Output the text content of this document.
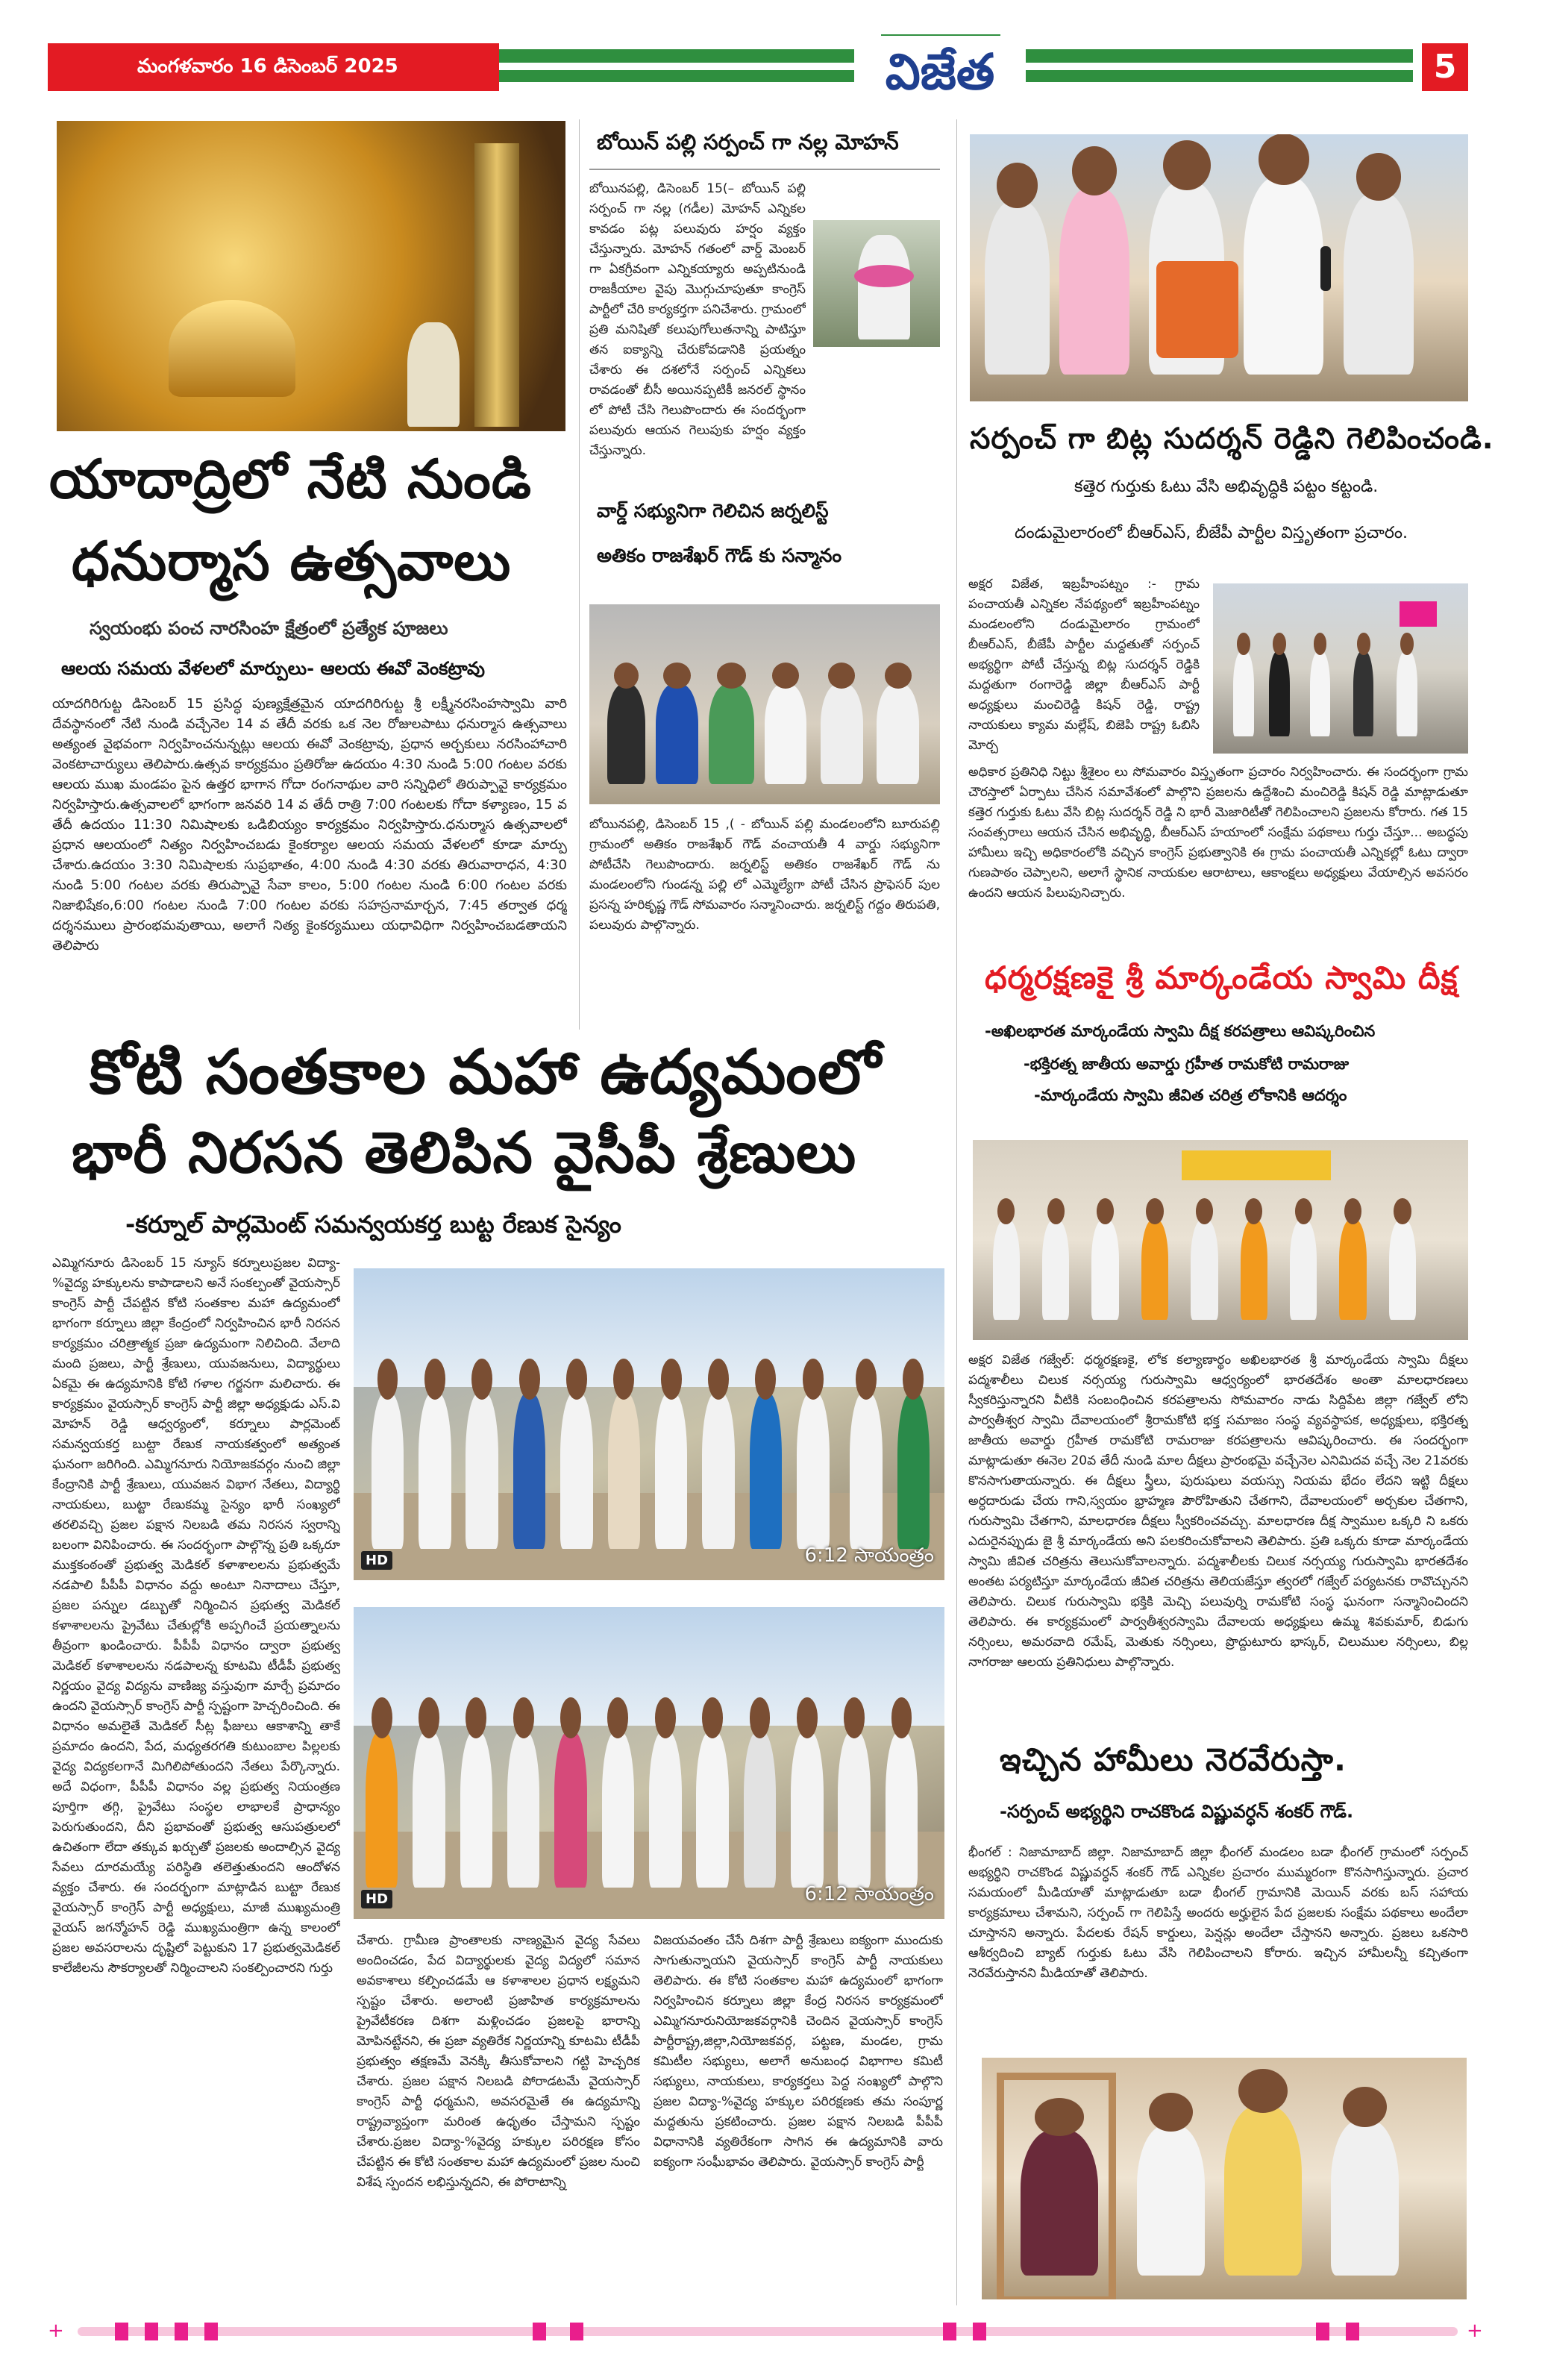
మంగళవారం 16 డిసెంబర్ 2025	విజేత	5
యాదాద్రిలో నేటి నుండి
ధనుర్మాస ఉత్సవాలు
స్వయంభు పంచ నారసింహ క్షేత్రంలో ప్రత్యేక పూజలు
ఆలయ సమయ వేళలలో మార్పులు- ఆలయ ఈవో వెంకట్రావు
యాదగిరిగుట్ట డిసెంబర్ 15 ప్రసిద్ధ పుణ్యక్షేత్రమైన యాదగిరిగుట్ట శ్రీ లక్ష్మీనరసింహస్వామి వారి దేవస్థానంలో నేటి నుండి వచ్చేనెల 14 వ తేదీ వరకు ఒక నెల రోజులపాటు ధనుర్మాస ఉత్సవాలు అత్యంత వైభవంగా నిర్వహించనున్నట్లు ఆలయ ఈవో వెంకట్రావు, ప్రధాన అర్చకులు నరసింహాచారి వెంకటాచార్యులు తెలిపారు.ఉత్సవ కార్యక్రమం ప్రతిరోజు ఉదయం 4:30 నుండి 5:00 గంటల వరకు ఆలయ ముఖ మండపం పైన ఉత్తర భాగాన గోదా రంగనాథుల వారి సన్నిధిలో తిరుప్పావై కార్యక్రమం నిర్వహిస్తారు.ఉత్సవాలలో భాగంగా జనవరి 14 వ తేదీ రాత్రి 7:00 గంటలకు గోదా కళ్యాణం, 15 వ తేదీ ఉదయం 11:30 నిమిషాలకు ఒడిబియ్యం కార్యక్రమం నిర్వహిస్తారు.ధనుర్మాస ఉత్సవాలలో ప్రధాన ఆలయంలో నిత్యం నిర్వహించబడు కైంకర్యాల ఆలయ సమయ వేళలలో కూడా మార్పు చేశారు.ఉదయం 3:30 నిమిషాలకు సుప్రభాతం, 4:00 నుండి 4:30 వరకు తిరువారాధన, 4:30 నుండి 5:00 గంటల వరకు తిరుప్పావై సేవా కాలం, 5:00 గంటల నుండి 6:00 గంటల వరకు నిజాభిషేకం,6:00 గంటల నుండి 7:00 గంటల వరకు సహస్రనామార్చన, 7:45 తర్వాత ధర్మ దర్శనములు ప్రారంభమవుతాయి, అలాగే నిత్య కైంకర్యములు యధావిధిగా నిర్వహించబడతాయని తెలిపారు
బోయిన్ పల్లి సర్పంచ్ గా నల్ల మోహన్
బోయినపల్లి, డిసెంబర్ 15(– బోయిన్ పల్లి సర్పంచ్ గా నల్ల (గడీల) మోహన్ ఎన్నికల కావడం పట్ల పలువురు హర్షం వ్యక్తం చేస్తున్నారు. మోహన్ గతంలో వార్డ్ మెంబర్ గా ఏకగ్రీవంగా ఎన్నికయ్యారు అప్పటినుండి రాజకీయాల వైపు మొగ్గుచూపుతూ కాంగ్రెస్ పార్టీలో చేరి కార్యకర్తగా పనిచేశారు. గ్రామంలో ప్రతి మనిషితో కలుపుగోలుతనాన్ని పాటిస్తూ తన ఐక్యాన్ని చేరుకోవడానికి ప్రయత్నం చేశారు ఈ దశలోనే సర్పంచ్ ఎన్నికలు రావడంతో బీసీ అయినప్పటికీ జనరల్ స్థానం లో పోటీ చేసి గెలుపొందారు ఈ సందర్భంగా పలువురు ఆయన గెలుపుకు హర్షం వ్యక్తం చేస్తున్నారు.
వార్డ్ సభ్యునిగా గెలిచిన జర్నలిస్ట్
అతికం రాజశేఖర్ గౌడ్ కు సన్మానం
బోయినపల్లి, డిసెంబర్ 15 ,( - బోయిన్ పల్లి మండలంలోని బూరుపల్లి గ్రామంలో అతికం రాజశేఖర్ గౌడ్ వంచాయతీ 4 వార్డు సభ్యునిగా పోటీచేసి గెలుపొందారు. జర్నలిస్ట్ అతికం రాజశేఖర్ గౌడ్ ను మండలంలోని గుండన్న పల్లి లో ఎమ్మెల్యేగా పోటీ చేసిన ప్రొఫెసర్ పుల ప్రసన్న హరికృష్ణ గౌడ్ సోమవారం సన్మానించారు. జర్నలిస్ట్ గద్దం తిరుపతి, పలువురు పాల్గొన్నారు.
సర్పంచ్ గా బిట్ల సుదర్శన్ రెడ్డిని గెలిపించండి.
కత్తెర గుర్తుకు ఓటు వేసి అభివృద్ధికి పట్టం కట్టండి.
దండుమైలారంలో బీఆర్ఎస్, బీజేపీ పార్టీల విస్తృతంగా ప్రచారం.
అక్షర విజేత, ఇబ్రహీంపట్నం :- గ్రామ పంచాయతీ ఎన్నికల నేపథ్యంలో ఇబ్రహీంపట్నం మండలంలోని దండుమైలారం గ్రామంలో బీఆర్ఎస్, బీజేపీ పార్టీల మద్దతుతో సర్పంచ్ అభ్యర్థిగా పోటీ చేస్తున్న బిట్ల సుదర్శన్ రెడ్డికి మద్దతుగా రంగారెడ్డి జిల్లా బీఆర్ఎస్ పార్టీ అధ్యక్షులు మంచిరెడ్డి కిషన్ రెడ్డి, రాష్ట్ర నాయకులు క్యామ మల్లేష్, బిజెపి రాష్ట్ర ఓబిసి మోర్చ
అధికార ప్రతినిధి నిట్టు శ్రీశైలం లు సోమవారం విస్తృతంగా ప్రచారం నిర్వహించారు. ఈ సందర్భంగా గ్రామ చౌరస్తాలో ఏర్పాటు చేసిన సమావేశంలో పాల్గొని ప్రజలను ఉద్దేశించి మంచిరెడ్డి కిషన్ రెడ్డి మాట్లాడుతూ కత్తెర గుర్తుకు ఓటు వేసి బిట్ల సుదర్శన్ రెడ్డి ని భారీ మెజారిటీతో గెలిపించాలని ప్రజలను కోరారు. గత 15 సంవత్సరాలు ఆయన చేసిన అభివృద్ధి, బీఆర్ఎస్ హయాంలో సంక్షేమ పథకాలు గుర్తు చేస్తూ... అబద్ధపు హామీలు ఇచ్చి అధికారంలోకి వచ్చిన కాంగ్రెస్ ప్రభుత్వానికి ఈ గ్రామ పంచాయతీ ఎన్నికల్లో ఓటు ద్వారా గుణపాఠం చెప్పాలని, అలాగే స్థానిక నాయకుల ఆరాటాలు, ఆకాంక్షలు అధ్యక్షులు వేయాల్సిన అవసరం ఉందని ఆయన పిలుపునిచ్చారు.
ధర్మరక్షణకై శ్రీ మార్కండేయ స్వామి దీక్ష
-అఖిలభారత మార్కండేయ స్వామి దీక్ష కరపత్రాలు ఆవిష్కరించిన
-భక్తిరత్న జాతీయ అవార్డు గ్రహీత రామకోటి రామరాజు
-మార్కండేయ స్వామి జీవిత చరిత్ర లోకానికి ఆదర్శం
అక్షర విజేత గజ్వేల్: ధర్మరక్షణకై, లోక కల్యాణార్థం అఖిలభారత శ్రీ మార్కండేయ స్వామి దీక్షలు పద్మశాలీలు చిలుక నర్సయ్య గురుస్వామి ఆధ్వర్యంలో భారతదేశం అంతా మాలధారణలు స్వీకరిస్తున్నారని వీటికి సంబంధించిన కరపత్రాలను సోమవారం నాడు సిద్దిపేట జిల్లా గజ్వేల్ లోని పార్వతీశ్వర స్వామి దేవాలయంలో శ్రీరామకోటి భక్త సమాజం సంస్థ వ్యవస్థాపక, అధ్యక్షులు, భక్తిరత్న జాతీయ అవార్డు గ్రహీత రామకోటి రామరాజు కరపత్రాలను ఆవిష్కరించారు. ఈ సందర్భంగా మాట్లాడుతూ ఈనెల 20వ తేదీ నుండి మాల దీక్షలు ప్రారంభమై వచ్చేనెల ఎనిమిదవ వచ్చే నెల 21వరకు కొనసాగుతాయన్నారు. ఈ దీక్షలు స్త్రీలు, పురుషులు వయస్సు నియమ భేదం లేదని ఇట్టి దీక్షలు అర్ధదారుడు చేయ గాని,స్వయం భ్రాహ్మణ పౌరోహితుని చేతగాని, దేవాలయంలో అర్చకుల చేతగాని, గురుస్వామి చేతగాని, మాలధారణ దీక్షలు స్వీకరించవచ్చు. మాలధారణ దీక్ష స్వాముల ఒక్కరి ని ఒకరు ఎదురైనప్పుడు జై శ్రీ మార్కండేయ అని పలకరించుకోవాలని తెలిపారు. ప్రతి ఒక్కరు కూడా మార్కండేయ స్వామి జీవిత చరిత్రను తెలుసుకోవాలన్నారు. పద్మశాలీలకు చిలుక నర్సయ్య గురుస్వామి భారతదేశం అంతట పర్యటిస్తూ మార్కండేయ జీవిత చరిత్రను తెలియజేస్తూ త్వరలో గజ్వేల్ పర్యటనకు రావొచ్చునని తెలిపారు. చిలుక గురుస్వామి భక్తికి మెచ్చి పలువుర్ని రామకోటి సంస్థ ఘనంగా సన్మానించిందని తెలిపారు. ఈ కార్యక్రమంలో పార్వతీశ్వరస్వామి దేవాలయ అధ్యక్షులు ఉమ్మ శివకుమార్, బిడుగు నర్సింలు, అమరవాది రమేష్, మెతుకు నర్సింలు, ప్రొద్దుటూరు భాస్కర్, చిలుముల నర్సింలు, బిల్ల నాగరాజు ఆలయ ప్రతినిధులు పాల్గొన్నారు.
ఇచ్చిన హామీలు నెరవేరుస్తా.
-సర్పంచ్ అభ్యర్థిని రాచకొండ విష్ణువర్ధన్ శంకర్ గౌడ్.
భీంగల్ : నిజామాబాద్ జిల్లా. నిజామాబాద్ జిల్లా భీంగల్ మండలం బడా భీంగల్ గ్రామంలో సర్పంచ్ అభ్యర్థిని రాచకొండ విష్ణువర్ధన్ శంకర్ గౌడ్ ఎన్నికల ప్రచారం ముమ్మరంగా కొనసాగిస్తున్నారు. ప్రచార సమయంలో మీడియాతో మాట్లాడుతూ బడా భీంగల్ గ్రామానికి మెయిన్ వరకు బస్ సహాయ కార్యక్రమాలు చేశామని, సర్పంచ్ గా గెలిపిస్తే అందరు అర్హులైన పేద ప్రజలకు సంక్షేమ పథకాలు అందేలా చూస్తానని అన్నారు. పేదలకు రేషన్ కార్డులు, పెన్షన్లు అందేలా చేస్తానని అన్నారు. ప్రజలు ఒకసారి ఆశీర్వదించి బ్యాట్ గుర్తుకు ఓటు వేసి గెలిపించాలని కోరారు. ఇచ్చిన హామీలన్నీ కచ్చితంగా నెరవేరుస్తానని మీడియాతో తెలిపారు.
కోటి సంతకాల మహా ఉద్యమంలో
భారీ నిరసన తెలిపిన వైసీపీ శ్రేణులు
-కర్నూల్ పార్లమెంట్ సమన్వయకర్త బుట్ట రేణుక సైన్యం
ఎమ్మిగనూరు డిసెంబర్ 15 న్యూస్ కర్నూలుప్రజల విద్యా-%వైద్య హక్కులను కాపాడాలని అనే సంకల్పంతో వైయస్సార్ కాంగ్రెస్ పార్టీ చేపట్టిన కోటి సంతకాల మహా ఉద్యమంలో భాగంగా కర్నూలు జిల్లా కేంద్రంలో నిర్వహించిన భారీ నిరసన కార్యక్రమం చరిత్రాత్మక ప్రజా ఉద్యమంగా నిలిచింది. వేలాది మంది ప్రజలు, పార్టీ శ్రేణులు, యువజనులు, విద్యార్థులు ఏకమై ఈ ఉద్యమానికి కోటి గళాల గర్జనగా మలిచారు. ఈ కార్యక్రమం వైయస్సార్ కాంగ్రెస్ పార్టీ జిల్లా అధ్యక్షుడు ఎస్.వి మోహన్ రెడ్డి ఆధ్వర్యంలో, కర్నూలు పార్లమెంట్ సమన్వయకర్త బుట్టా రేణుక నాయకత్వంలో అత్యంత ఘనంగా జరిగింది. ఎమ్మిగనూరు నియోజకవర్గం నుంచి జిల్లా కేంద్రానికి పార్టీ శ్రేణులు, యువజన విభాగ నేతలు, విద్యార్థి నాయకులు, బుట్టా రేణుకమ్మ సైన్యం భారీ సంఖ్యలో తరలివచ్చి ప్రజల పక్షాన నిలబడి తమ నిరసన స్వరాన్ని బలంగా వినిపించారు. ఈ సందర్భంగా పాల్గొన్న ప్రతి ఒక్కరూ ముక్తకంఠంతో ప్రభుత్వ మెడికల్ కళాశాలలను ప్రభుత్వమే నడపాలి పీపీపీ విధానం వద్దు అంటూ నినాదాలు చేస్తూ, ప్రజల పన్నుల డబ్బుతో నిర్మించిన ప్రభుత్వ మెడికల్ కళాశాలలను ప్రైవేటు చేతుల్లోకి అప్పగించే ప్రయత్నాలను తీవ్రంగా ఖండించారు. పీపీపీ విధానం ద్వారా ప్రభుత్వ మెడికల్ కళాశాలలను నడపాలన్న కూటమి టీడీపీ ప్రభుత్వ నిర్ణయం వైద్య విద్యను వాణిజ్య వస్తువుగా మార్చే ప్రమాదం ఉందని వైయస్సార్ కాంగ్రెస్ పార్టీ స్పష్టంగా హెచ్చరించింది. ఈ విధానం అమలైతే మెడికల్ సీట్ల ఫీజులు ఆకాశాన్ని తాకే ప్రమాదం ఉందని, పేద, మధ్యతరగతి కుటుంబాల పిల్లలకు వైద్య విద్యకలగానే మిగిలిపోతుందని నేతలు పేర్కొన్నారు. అదే విధంగా, పీపీపీ విధానం వల్ల ప్రభుత్వ నియంత్రణ పూర్తిగా తగ్గి, ప్రైవేటు సంస్థల లాభాలకే ప్రాధాన్యం పెరుగుతుందని, దీని ప్రభావంతో ప్రభుత్వ ఆసుపత్రులలో ఉచితంగా లేదా తక్కువ ఖర్చుతో ప్రజలకు అందాల్సిన వైద్య సేవలు దూరమయ్యే పరిస్థితి తలెత్తుతుందని ఆందోళన వ్యక్తం చేశారు. ఈ సందర్భంగా మాట్లాడిన బుట్టా రేణుక వైయస్సార్ కాంగ్రెస్ పార్టీ అధ్యక్షులు, మాజీ ముఖ్యమంత్రి వైయస్ జగన్మోహన్ రెడ్డి ముఖ్యమంత్రిగా ఉన్న కాలంలో ప్రజల అవసరాలను దృష్టిలో పెట్టుకుని 17 ప్రభుత్వమెడికల్ కాలేజీలను సౌకర్యాలతో నిర్మించాలని సంకల్పించారని గుర్తు
HD	6:12 సాయంత్రం
HD	6:12 సాయంత్రం
చేశారు. గ్రామీణ ప్రాంతాలకు నాణ్యమైన వైద్య సేవలు అందించడం, పేద విద్యార్థులకు వైద్య విద్యలో సమాన అవకాశాలు కల్పించడమే ఆ కళాశాలల ప్రధాన లక్ష్యమని స్పష్టం చేశారు. అలాంటి ప్రజాహిత కార్యక్రమాలను ప్రైవేటీకరణ దిశగా మళ్లించడం ప్రజలపై భారాన్ని మోపినట్టేనని, ఈ ప్రజా వ్యతిరేక నిర్ణయాన్ని కూటమి టీడీపీ ప్రభుత్వం తక్షణమే వెనక్కి తీసుకోవాలని గట్టి హెచ్చరిక చేశారు. ప్రజల పక్షాన నిలబడి పోరాడటమే వైయస్సార్ కాంగ్రెస్ పార్టీ ధర్మమని, అవసరమైతే ఈ ఉద్యమాన్ని రాష్ట్రవ్యాప్తంగా మరింత ఉధృతం చేస్తామని స్పష్టం చేశారు.ప్రజల విద్యా-%వైద్య హక్కుల పరిరక్షణ కోసం చేపట్టిన ఈ కోటి సంతకాల మహా ఉద్యమంలో ప్రజల నుంచి విశేష స్పందన లభిస్తున్నదని, ఈ పోరాటాన్ని
విజయవంతం చేసే దిశగా పార్టీ శ్రేణులు ఐక్యంగా ముందుకు సాగుతున్నాయని వైయస్సార్ కాంగ్రెస్ పార్టీ నాయకులు తెలిపారు. ఈ కోటి సంతకాల మహా ఉద్యమంలో భాగంగా నిర్వహించిన కర్నూలు జిల్లా కేంద్ర నిరసన కార్యక్రమంలో ఎమ్మిగనూరునియోజకవర్గానికి చెందిన వైయస్సార్ కాంగ్రెస్ పార్టీరాష్ట్ర,జిల్లా,నియోజకవర్గ, పట్టణ, మండల, గ్రామ కమిటీల సభ్యులు, అలాగే అనుబంధ విభాగాల కమిటీ సభ్యులు, నాయకులు, కార్యకర్తలు పెద్ద సంఖ్యలో పాల్గొని ప్రజల విద్యా-%వైద్య హక్కుల పరిరక్షణకు తమ సంపూర్ణ మద్దతును ప్రకటించారు. ప్రజల పక్షాన నిలబడి పీపీపీ విధానానికి వ్యతిరేకంగా సాగిన ఈ ఉద్యమానికి వారు ఐక్యంగా సంఘీభావం తెలిపారు. వైయస్సార్ కాంగ్రెస్ పార్టీ
+	+
